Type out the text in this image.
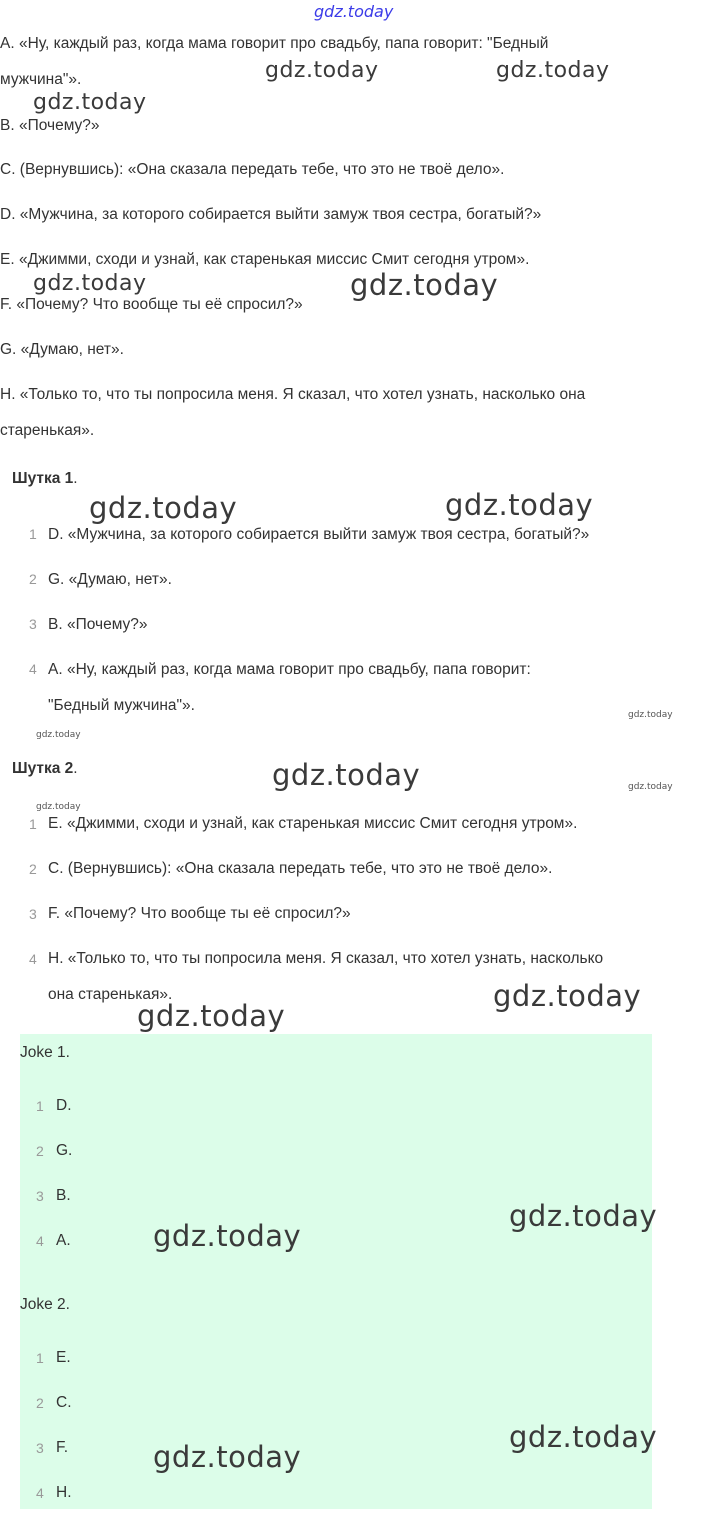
gdz.today
A. «Ну, каждый раз, когда мама говорит про свадьбу, папа говорит: "Бедный
мужчина"».
B. «Почему?»
C. (Вернувшись): «Она сказала передать тебе, что это не твоё дело».
D. «Мужчина, за которого собирается выйти замуж твоя сестра, богатый?»
E. «Джимми, сходи и узнай, как старенькая миссис Смит сегодня утром».
F. «Почему? Что вообще ты её спросил?»
G. «Думаю, нет».
H. «Только то, что ты попросила меня. Я сказал, что хотел узнать, насколько она
старенькая».
Шутка 1.
1 D. «Мужчина, за которого собирается выйти замуж твоя сестра, богатый?»
2 G. «Думаю, нет».
3 B. «Почему?»
4 A. «Ну, каждый раз, когда мама говорит про свадьбу, папа говорит:
"Бедный мужчина"».
Шутка 2.
1 E. «Джимми, сходи и узнай, как старенькая миссис Смит сегодня утром».
2 C. (Вернувшись): «Она сказала передать тебе, что это не твоё дело».
3 F. «Почему? Что вообще ты её спросил?»
4 H. «Только то, что ты попросила меня. Я сказал, что хотел узнать, насколько
она старенькая».
Joke 1.
1 D.
2 G.
3 B.
4 A.
Joke 2.
1 E.
2 C.
3 F.
4 H.
gdz.today	gdz.today
gdz.today
gdz.today	gdz.today
gdz.today	gdz.today
gdz.today
gdz.today
gdz.today	gdz.today
gdz.today
gdz.today
gdz.today
gdz.today
gdz.today
gdz.today
gdz.today
